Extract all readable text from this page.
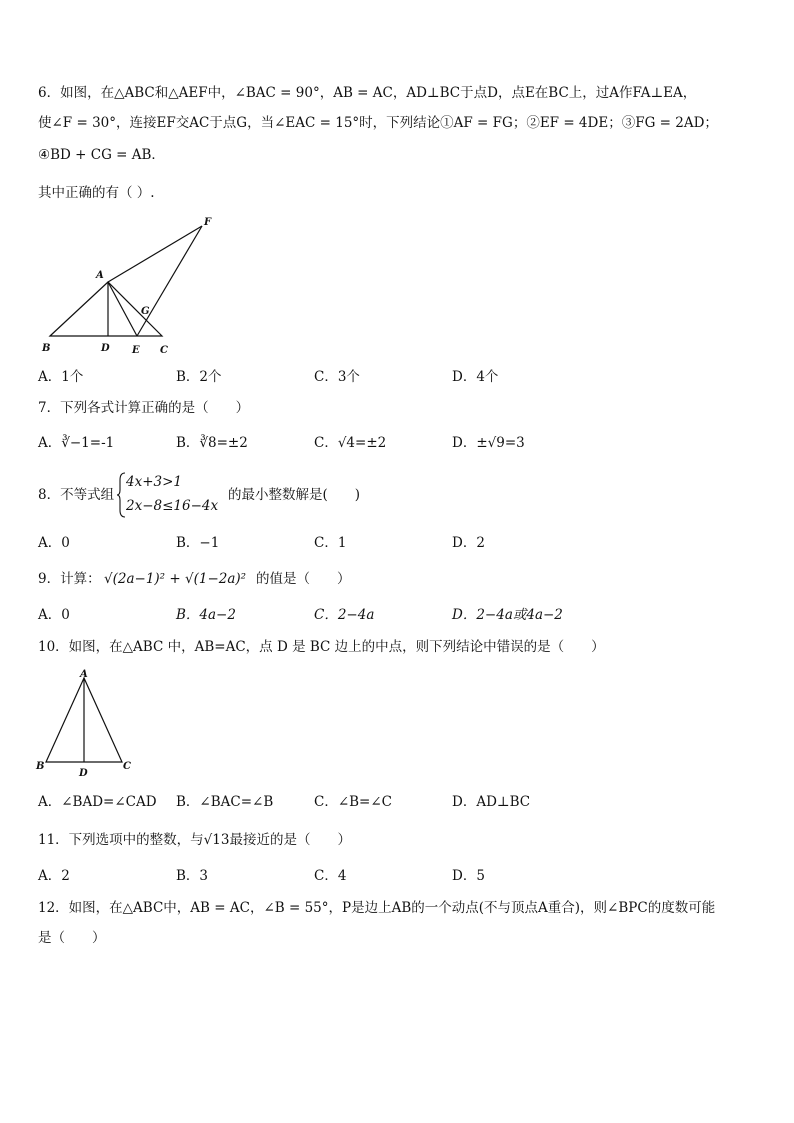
6．如图，在△ABC和△AEF中，∠BAC = 90°，AB = AC，AD⊥BC于点D，点E在BC上，过A作FA⊥EA，
使∠F = 30°，连接EF交AC于点G，当∠EAC = 15°时，下列结论①AF = FG；②EF = 4DE；③FG = 2AD；
④BD + CG = AB．
其中正确的有（ ）.
F
A
G
B	D E C
A．1个	B．2个	C．3个	D．4个
7．下列各式计算正确的是（　　）
A．∛−1=-1	B．∛8=±2	C．√4=±2	D．±√9=3
8．不等式组
4x+3>1
2x−8≤16−4x
的最小整数解是(　　)
A．0	B．−1	C．1	D．2
9．计算： √(2a−1)² + √(1−2a)² 的值是（　　）
A．0	B．4a−2	C．2−4a	D．2−4a或4a−2
10．如图，在△ABC 中，AB=AC，点 D 是 BC 边上的中点，则下列结论中错误的是（　　）
A
B
D
C
A．∠BAD=∠CAD B．∠BAC=∠B	C．∠B=∠C	D．AD⊥BC
11．下列选项中的整数，与√13最接近的是（　　）
A．2	B．3	C．4	D．5
12．如图，在△ABC中，AB = AC，∠B = 55°，P是边上AB的一个动点(不与顶点A重合)，则∠BPC的度数可能
是（　　）
